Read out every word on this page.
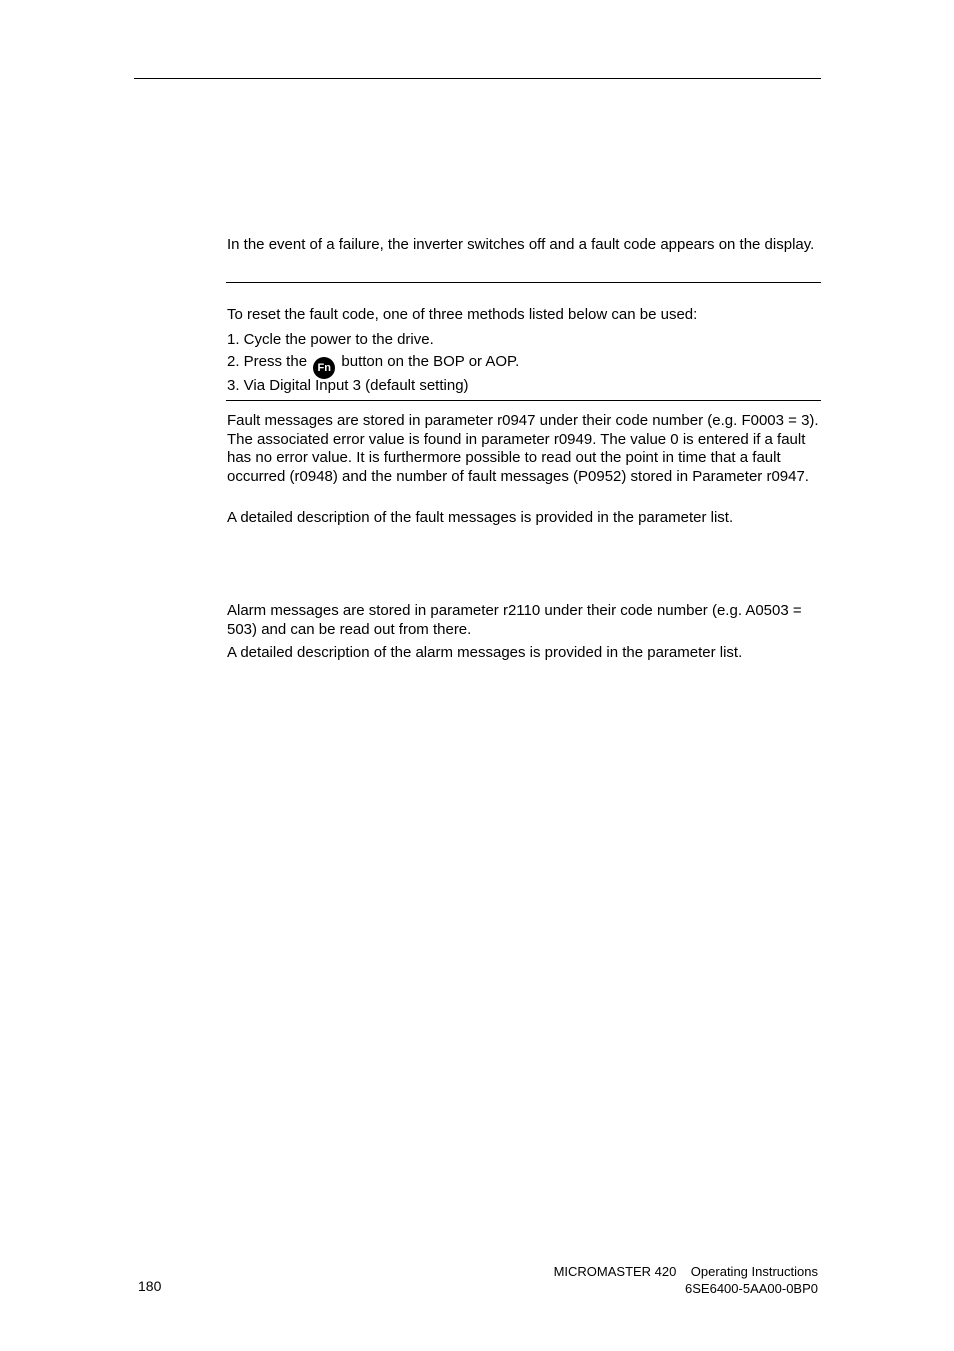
In the event of a failure, the inverter switches off and a fault code appears on the display.

To reset the fault code, one of three methods listed below can be used:

1. Cycle the power to the drive.

2. Press the Fn button on the BOP or AOP.

3. Via Digital Input 3 (default setting)

Fault messages are stored in parameter r0947 under their code number (e.g. F0003 = 3). The associated error value is found in parameter r0949. The value 0 is entered if a fault has no error value. It is furthermore possible to read out the point in time that a fault occurred (r0948) and the number of fault messages (P0952) stored in Parameter r0947.

A detailed description of the fault messages is provided in the parameter list.

Alarm messages are stored in parameter r2110 under their code number (e.g. A0503 = 503) and can be read out from there.

A detailed description of the alarm messages is provided in the parameter list.

180
MICROMASTER 420    Operating Instructions
6SE6400-5AA00-0BP0
